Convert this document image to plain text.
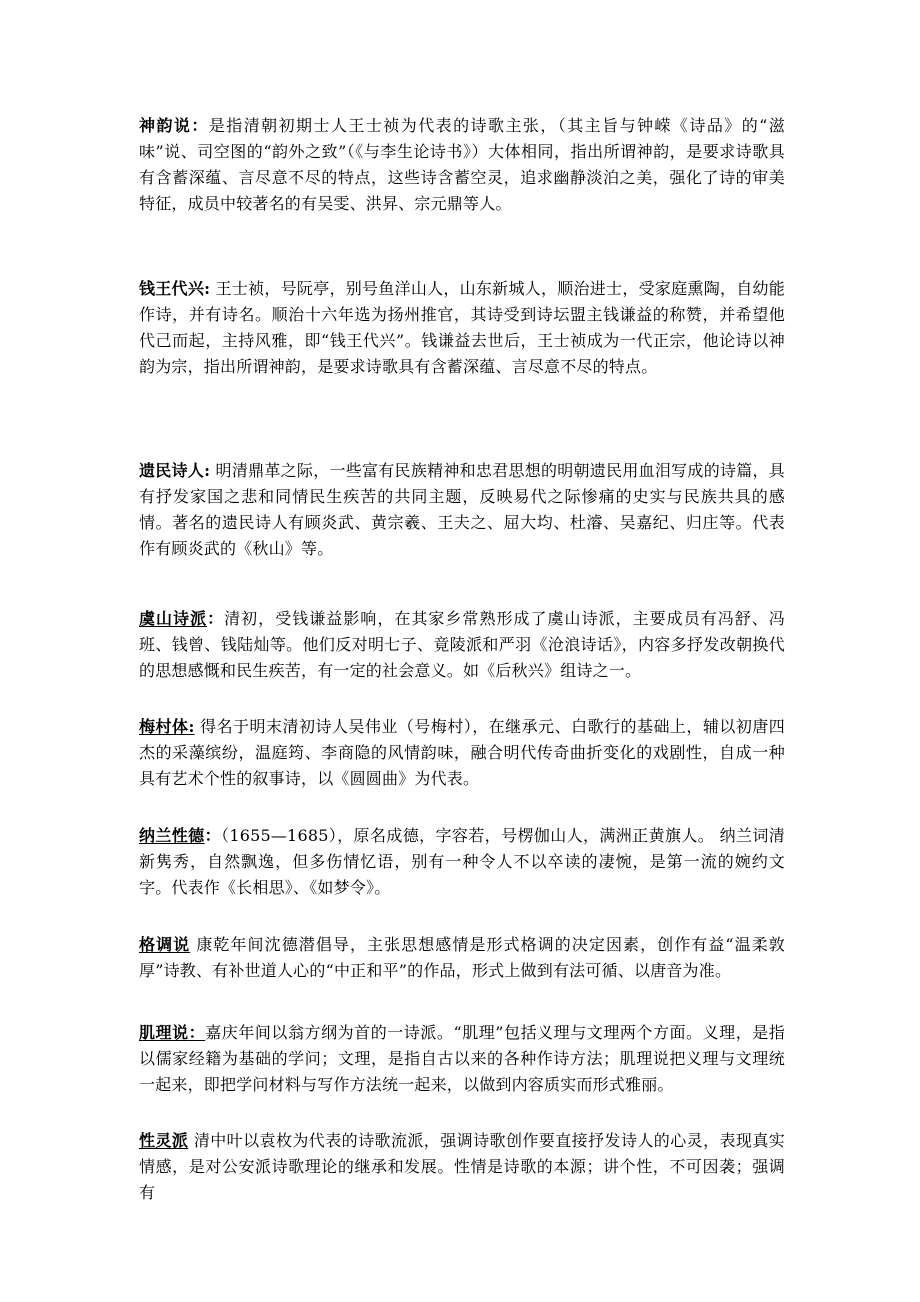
神韵说：是指清朝初期士人王士祯为代表的诗歌主张，（其主旨与钟嵘《诗品》的“滋味”说、司空图的“韵外之致”（《与李生论诗书》）大体相同，指出所谓神韵，是要求诗歌具有含蓄深蕴、言尽意不尽的特点，这些诗含蓄空灵，追求幽静淡泊之美，强化了诗的审美特征，成员中较著名的有吴雯、洪昇、宗元鼎等人。

钱王代兴: 王士祯，号阮亭，别号鱼洋山人，山东新城人，顺治进士，受家庭熏陶，自幼能作诗，并有诗名。顺治十六年选为扬州推官，其诗受到诗坛盟主钱谦益的称赞，并希望他代己而起，主持风雅，即“钱王代兴”。钱谦益去世后，王士祯成为一代正宗，他论诗以神韵为宗，指出所谓神韵，是要求诗歌具有含蓄深蕴、言尽意不尽的特点。

遗民诗人: 明清鼎革之际，一些富有民族精神和忠君思想的明朝遗民用血泪写成的诗篇，具有抒发家国之悲和同情民生疾苦的共同主题，反映易代之际惨痛的史实与民族共具的感情。著名的遗民诗人有顾炎武、黄宗羲、王夫之、屈大均、杜濬、吴嘉纪、归庄等。代表作有顾炎武的《秋山》等。

虞山诗派：清初，受钱谦益影响，在其家乡常熟形成了虞山诗派，主要成员有冯舒、冯班、钱曾、钱陆灿等。他们反对明七子、竟陵派和严羽《沧浪诗话》，内容多抒发改朝换代的思想感慨和民生疾苦，有一定的社会意义。如《后秋兴》组诗之一。

梅村体: 得名于明末清初诗人吴伟业（号梅村），在继承元、白歌行的基础上，辅以初唐四杰的采藻缤纷，温庭筠、李商隐的风情韵味，融合明代传奇曲折变化的戏剧性，自成一种具有艺术个性的叙事诗，以《圆圆曲》为代表。

纳兰性德：（1655—1685），原名成德，字容若，号楞伽山人，满洲正黄旗人。 纳兰词清新隽秀，自然飘逸，但多伤情忆语，别有一种令人不以卒读的凄惋，是第一流的婉约文字。代表作《长相思》、《如梦令》。

格调说 康乾年间沈德潜倡导，主张思想感情是形式格调的决定因素，创作有益“温柔敦厚”诗教、有补世道人心的“中正和平”的作品，形式上做到有法可循、以唐音为准。

肌理说：嘉庆年间以翁方纲为首的一诗派。“肌理”包括义理与文理两个方面。义理，是指以儒家经籍为基础的学问；文理，是指自古以来的各种作诗方法；肌理说把义理与文理统一起来，即把学问材料与写作方法统一起来，以做到内容质实而形式雅丽。

性灵派 清中叶以袁枚为代表的诗歌流派，强调诗歌创作要直接抒发诗人的心灵，表现真实情感，是对公安派诗歌理论的继承和发展。性情是诗歌的本源；讲个性，不可因袭；强调有
